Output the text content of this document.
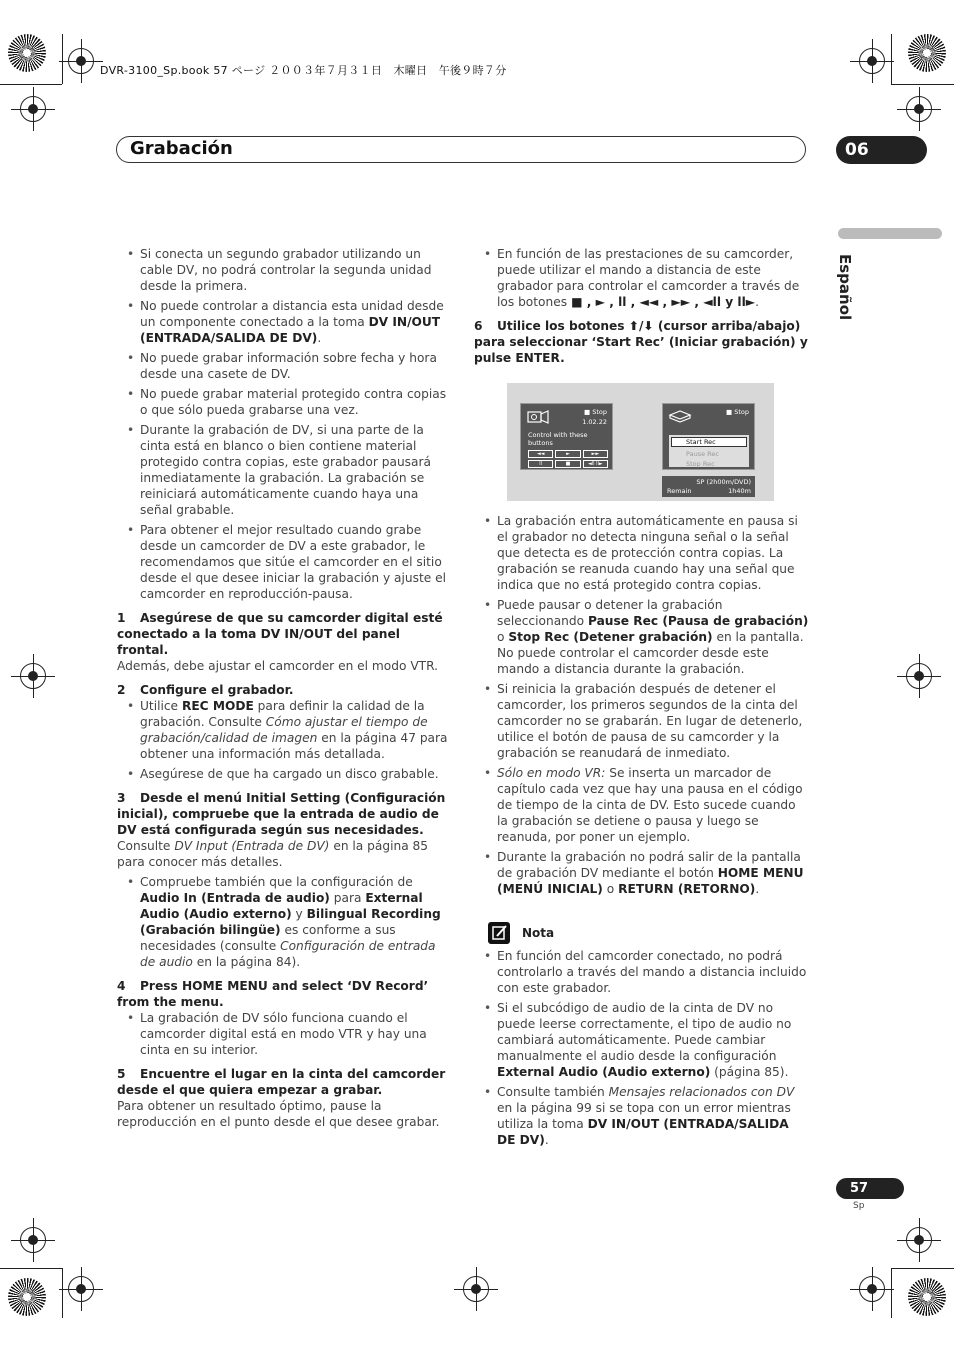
DVR-3100_Sp.book 57 ページ ２００３年７月３１日　木曜日　午後９時７分
Grabación	06
Español
• Si conecta un segundo grabador utilizando un cable DV, no podrá controlar la segunda unidad desde la primera.
• No puede controlar a distancia esta unidad desde un componente conectado a la toma DV IN/OUT (ENTRADA/SALIDA DE DV).
• No puede grabar información sobre fecha y hora desde una casete de DV.
• No puede grabar material protegido contra copias o que sólo pueda grabarse una vez.
• Durante la grabación de DV, si una parte de la cinta está en blanco o bien contiene material protegido contra copias, este grabador pausará inmediatamente la grabación. La grabación se reiniciará automáticamente cuando haya una señal grabable.
• Para obtener el mejor resultado cuando grabe desde un camcorder de DV a este grabador, le recomendamos que sitúe el camcorder en el sitio desde el que desee iniciar la grabación y ajuste el camcorder en reproducción-pausa.

1 Asegúrese de que su camcorder digital esté conectado a la toma DV IN/OUT del panel frontal.

Además, debe ajustar el camcorder en el modo VTR.

2 Configure el grabador.

• Utilice REC MODE para definir la calidad de la grabación. Consulte Cómo ajustar el tiempo de grabación/calidad de imagen en la página 47 para obtener una información más detallada.
• Asegúrese de que ha cargado un disco grabable.

3 Desde el menú Initial Setting (Configuración inicial), compruebe que la entrada de audio de DV está configurada según sus necesidades.

Consulte DV Input (Entrada de DV) en la página 85 para conocer más detalles.

• Compruebe también que la configuración de Audio In (Entrada de audio) para External Audio (Audio externo) y Bilingual Recording (Grabación bilingüe) es conforme a sus necesidades (consulte Configuración de entrada de audio en la página 84).

4 Press HOME MENU and select ‘DV Record’ from the menu.

• La grabación de DV sólo funciona cuando el camcorder digital está en modo VTR y hay una cinta en su interior.

5 Encuentre el lugar en la cinta del camcorder desde el que quiera empezar a grabar.

Para obtener un resultado óptimo, pause la reproducción en el punto desde el que desee grabar.

• En función de las prestaciones de su camcorder, puede utilizar el mando a distancia de este grabador para controlar el camcorder a través de los botones ■ , ► , ll , ◄◄ , ►► , ◄ll y ll►.

6 Utilice los botones ⬆/⬇ (cursor arriba/abajo) para seleccionar ‘Start Rec’ (Iniciar grabación) y pulse ENTER.

■ Stop
1.02.22
Control with these buttons
◄◄	►	►►
ll	■	◄ll ll►
■ Stop
Start Rec
Pause Rec
Stop Rec
SP (2h00m/DVD)
Remain	1h40m
• La grabación entra automáticamente en pausa si el grabador no detecta ninguna señal o la señal que detecta es de protección contra copias. La grabación se reanuda cuando hay una señal que indica que no está protegido contra copias.
• Puede pausar o detener la grabación seleccionando Pause Rec (Pausa de grabación) o Stop Rec (Detener grabación) en la pantalla. No puede controlar el camcorder desde este mando a distancia durante la grabación.
• Si reinicia la grabación después de detener el camcorder, los primeros segundos de la cinta del camcorder no se grabarán. En lugar de detenerlo, utilice el botón de pausa de su camcorder y la grabación se reanudará de inmediato.
• Sólo en modo VR: Se inserta un marcador de capítulo cada vez que hay una pausa en el código de tiempo de la cinta de DV. Esto sucede cuando la grabación se detiene o pausa y luego se reanuda, por poner un ejemplo.
• Durante la grabación no podrá salir de la pantalla de grabación DV mediante el botón HOME MENU (MENÚ INICIAL) o RETURN (RETORNO).
Nota
• En función del camcorder conectado, no podrá controlarlo a través del mando a distancia incluido con este grabador.
• Si el subcódigo de audio de la cinta de DV no puede leerse correctamente, el tipo de audio no cambiará automáticamente. Puede cambiar manualmente el audio desde la configuración External Audio (Audio externo) (página 85).
• Consulte también Mensajes relacionados con DV en la página 99 si se topa con un error mientras utiliza la toma DV IN/OUT (ENTRADA/SALIDA DE DV).
57
Sp
